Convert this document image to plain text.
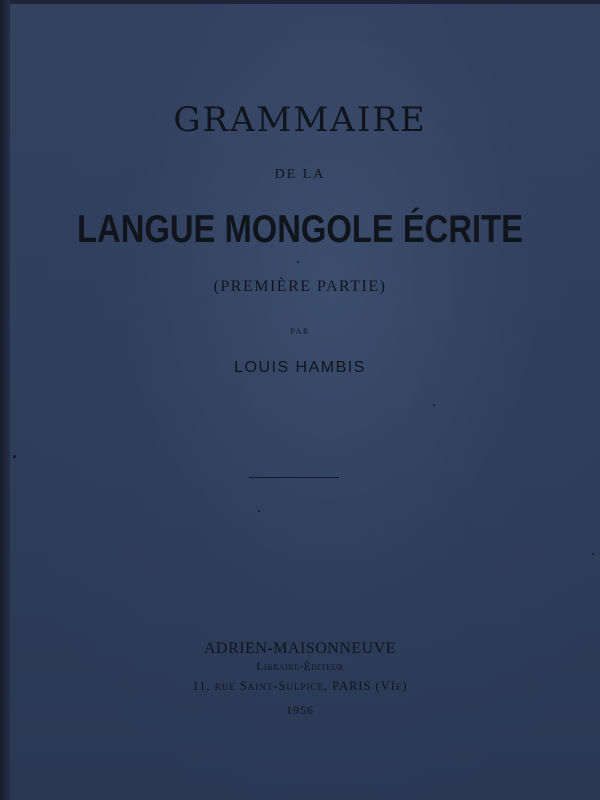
GRAMMAIRE

DE LA

LANGUE MONGOLE ÉCRITE

(PREMIÈRE PARTIE)

PAR

LOUIS HAMBIS

ADRIEN-MAISONNEUVE

Libraire-Éditeur

11, rue Saint-Sulpice, PARIS (VIe)

1956
